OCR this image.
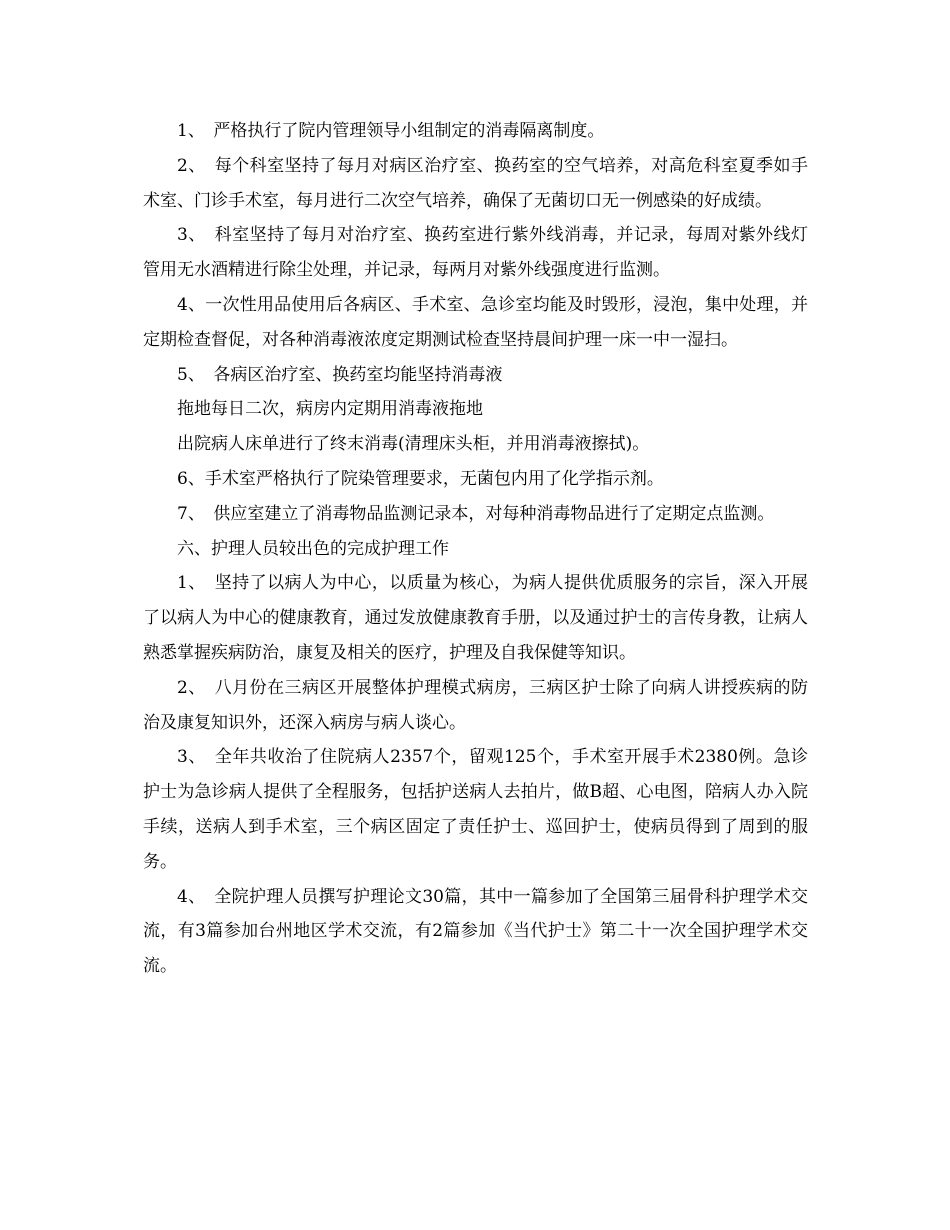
1、　严格执行了院内管理领导小组制定的消毒隔离制度。

2、　每个科室坚持了每月对病区治疗室、换药室的空气培养，对高危科室夏季如手术室、门诊手术室，每月进行二次空气培养，确保了无菌切口无一例感染的好成绩。

3、　科室坚持了每月对治疗室、换药室进行紫外线消毒，并记录，每周对紫外线灯管用无水酒精进行除尘处理，并记录，每两月对紫外线强度进行监测。

4、一次性用品使用后各病区、手术室、急诊室均能及时毁形，浸泡，集中处理，并定期检查督促，对各种消毒液浓度定期测试检查坚持晨间护理一床一中一湿扫。

5、　各病区治疗室、换药室均能坚持消毒液

拖地每日二次，病房内定期用消毒液拖地

出院病人床单进行了终末消毒(清理床头柜，并用消毒液擦拭)。

6、手术室严格执行了院染管理要求，无菌包内用了化学指示剂。

7、　供应室建立了消毒物品监测记录本，对每种消毒物品进行了定期定点监测。

六、护理人员较出色的完成护理工作

1、　坚持了以病人为中心，以质量为核心，为病人提供优质服务的宗旨，深入开展了以病人为中心的健康教育，通过发放健康教育手册，以及通过护士的言传身教，让病人熟悉掌握疾病防治，康复及相关的医疗，护理及自我保健等知识。

2、　八月份在三病区开展整体护理模式病房，三病区护士除了向病人讲授疾病的防治及康复知识外，还深入病房与病人谈心。

3、　全年共收治了住院病人2357个，留观125个，手术室开展手术2380例。急诊护士为急诊病人提供了全程服务，包括护送病人去拍片，做B超、心电图，陪病人办入院手续，送病人到手术室，三个病区固定了责任护士、巡回护士，使病员得到了周到的服务。

4、　全院护理人员撰写护理论文30篇，其中一篇参加了全国第三届骨科护理学术交流，有3篇参加台州地区学术交流，有2篇参加《当代护士》第二十一次全国护理学术交流。
